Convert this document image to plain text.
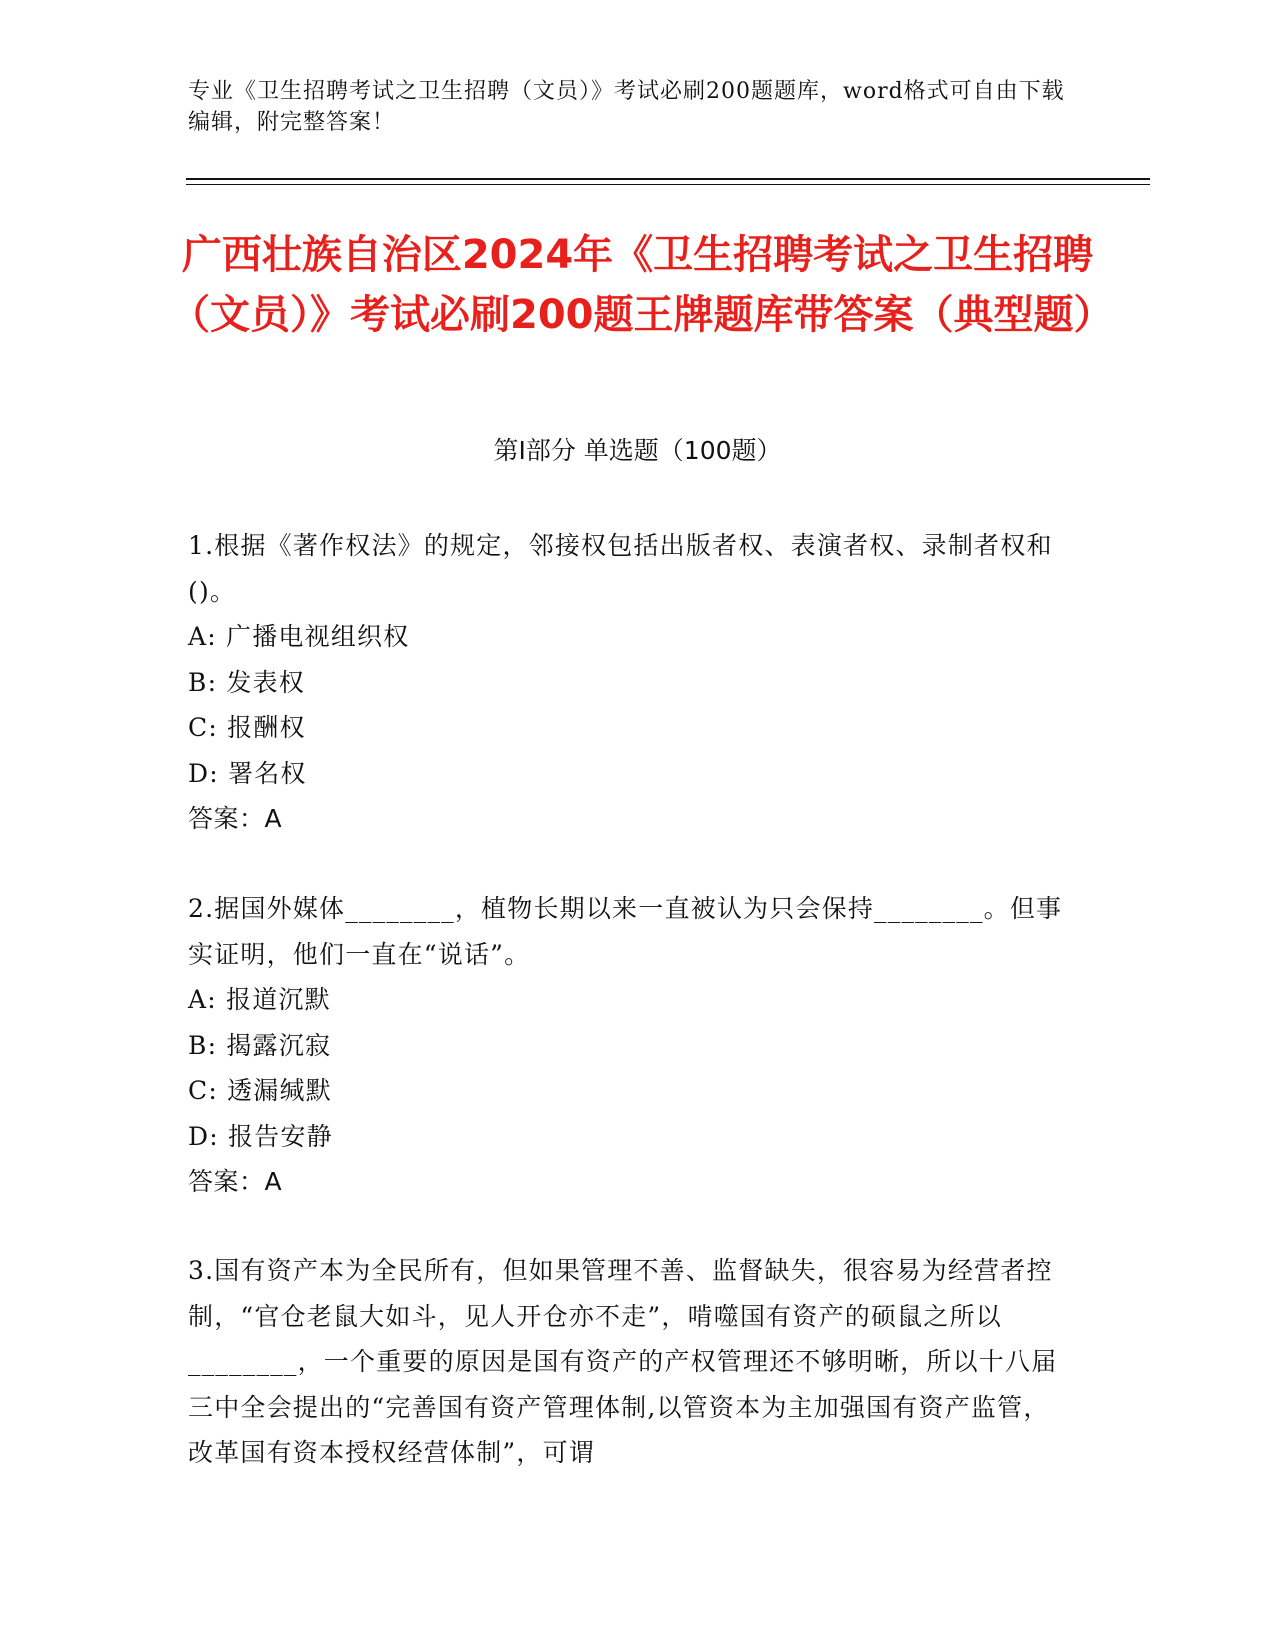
专业《卫生招聘考试之卫生招聘（文员）》考试必刷200题题库，word格式可自由下载编辑，附完整答案！
广西壮族自治区2024年《卫生招聘考试之卫生招聘（文员）》考试必刷200题王牌题库带答案（典型题）
第Ⅰ部分 单选题（100题）

1.根据《著作权法》的规定，邻接权包括出版者权、表演者权、录制者权和()。

A: 广播电视组织权

B: 发表权

C: 报酬权

D: 署名权

答案：A

2.据国外媒体________，植物长期以来一直被认为只会保持________。但事实证明，他们一直在“说话”。

A: 报道沉默

B: 揭露沉寂

C: 透漏缄默

D: 报告安静

答案：A

3.国有资产本为全民所有，但如果管理不善、监督缺失，很容易为经营者控制，“官仓老鼠大如斗，见人开仓亦不走”，啃噬国有资产的硕鼠之所以________，一个重要的原因是国有资产的产权管理还不够明晰，所以十八届三中全会提出的“完善国有资产管理体制,以管资本为主加强国有资产监管，改革国有资本授权经营体制”，可谓
